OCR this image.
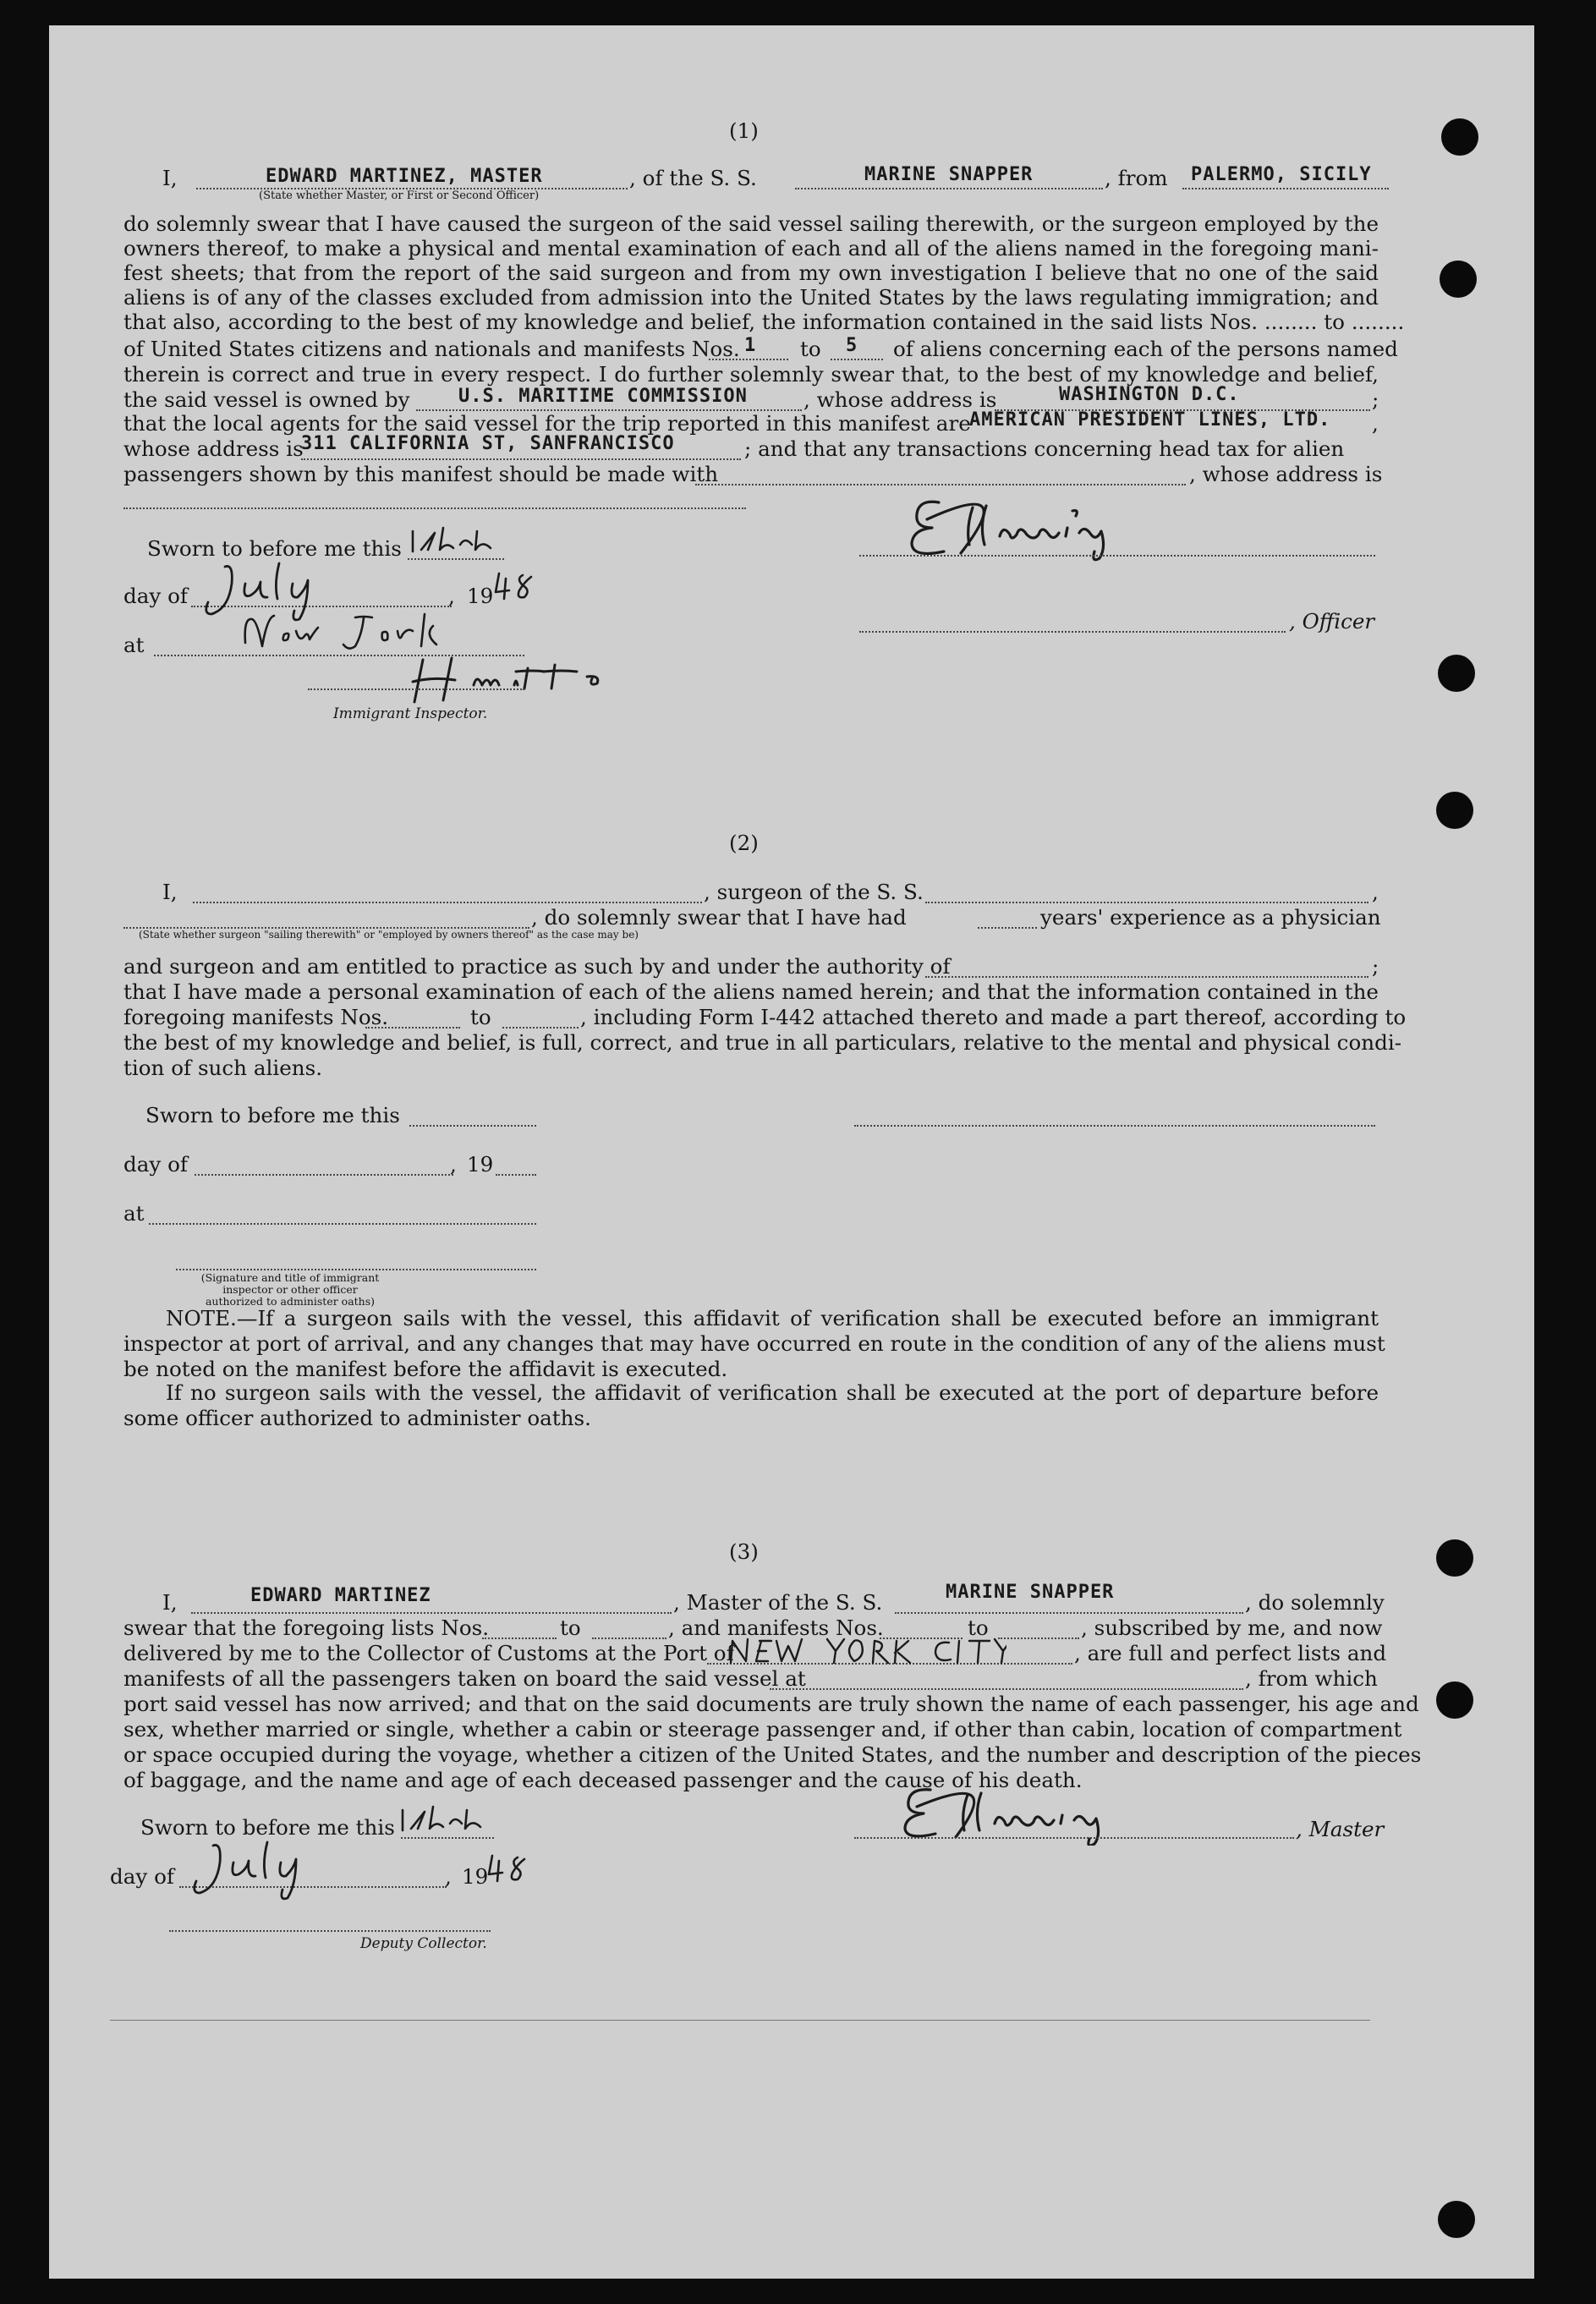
(1)
I,	EDWARD MARTINEZ, MASTER
(State whether Master, or First or Second Officer)
, of the S. S.	MARINE SNAPPER	, from PALERMO, SICILY
do solemnly swear that I have caused the surgeon of the said vessel sailing therewith, or the surgeon employed by the
owners thereof, to make a physical and mental examination of each and all of the aliens named in the foregoing mani-
fest sheets; that from the report of the said surgeon and from my own investigation I believe that no one of the said
aliens is of any of the classes excluded from admission into the United States by the laws regulating immigration; and
that also, according to the best of my knowledge and belief, the information contained in the said lists Nos. ........ to ........
of United States citizens and nationals and manifests Nos. 1 to 5 of aliens concerning each of the persons named
therein is correct and true in every respect. I do further solemnly swear that, to the best of my knowledge and belief,
the said vessel is owned by	U.S. MARITIME COMMISSION	, whose address is	WASHINGTON D.C.	;
that the local agents for the said vessel for the trip reported in this manifest are
AMERICAN PRESIDENT LINES, LTD. ,
whose address is
311 CALIFORNIA ST, SANFRANCISCO	; and that any transactions concerning head tax for alien
passengers shown by this manifest should be made with	, whose address is
Sworn to before me this
day of	, 19
at
Immigrant Inspector.
, Officer
(2)
I,	, surgeon of the S. S.	,
(State whether surgeon "sailing therewith" or "employed by owners thereof" as the case may be)
, do solemnly swear that I have had	years' experience as a physician
and surgeon and am entitled to practice as such by and under the authority of	;
that I have made a personal examination of each of the aliens named herein; and that the information contained in the
foregoing manifests Nos.	to	, including Form I-442 attached thereto and made a part thereof, according to
the best of my knowledge and belief, is full, correct, and true in all particulars, relative to the mental and physical condi-
tion of such aliens.
Sworn to before me this
day of	, 19
at
(Signature and title of immigrant inspector or other officer authorized to administer oaths)
NOTE.—If a surgeon sails with the vessel, this affidavit of verification shall be executed before an immigrant
inspector at port of arrival, and any changes that may have occurred en route in the condition of any of the aliens must
be noted on the manifest before the affidavit is executed.
If no surgeon sails with the vessel, the affidavit of verification shall be executed at the port of departure before
some officer authorized to administer oaths.
(3)
I,	EDWARD MARTINEZ	, Master of the S. S.	MARINE SNAPPER	, do solemnly
swear that the foregoing lists Nos.	to	, and manifests Nos.	to	, subscribed by me, and now
delivered by me to the Collector of Customs at the Port of	, are full and perfect lists and
manifests of all the passengers taken on board the said vessel at	, from which
port said vessel has now arrived; and that on the said documents are truly shown the name of each passenger, his age and
sex, whether married or single, whether a cabin or steerage passenger and, if other than cabin, location of compartment
or space occupied during the voyage, whether a citizen of the United States, and the number and description of the pieces
of baggage, and the name and age of each deceased passenger and the cause of his death.
Sworn to before me this	, Master
day of	, 19
Deputy Collector.
